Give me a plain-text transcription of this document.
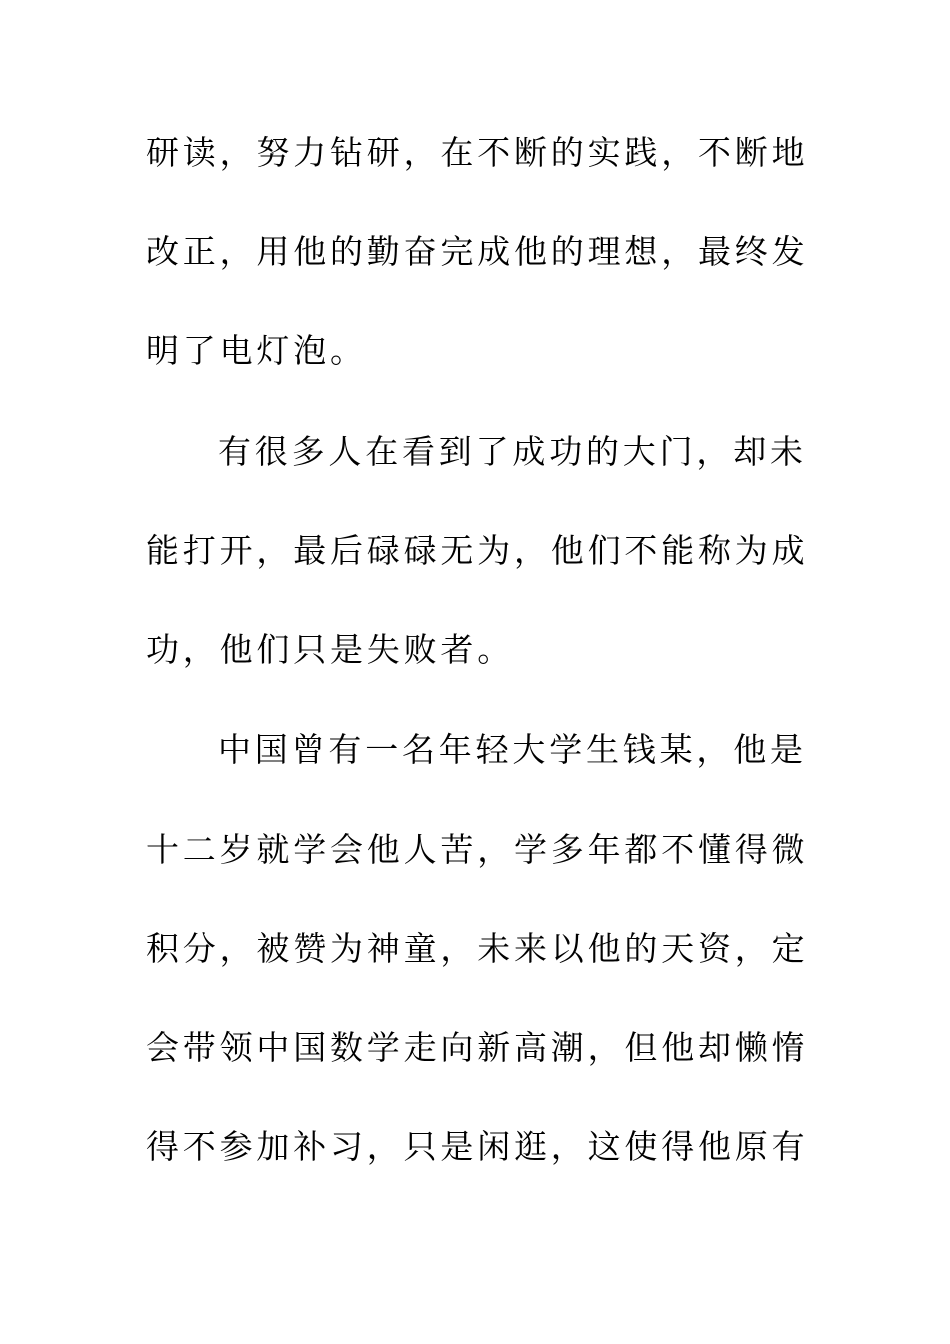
研读，努力钻研，在不断的实践，不断地
改正，用他的勤奋完成他的理想，最终发
明了电灯泡。
有很多人在看到了成功的大门，却未
能打开，最后碌碌无为，他们不能称为成
功，他们只是失败者。
中国曾有一名年轻大学生钱某，他是
十二岁就学会他人苦，学多年都不懂得微
积分，被赞为神童，未来以他的天资，定
会带领中国数学走向新高潮，但他却懒惰
得不参加补习，只是闲逛，这使得他原有
